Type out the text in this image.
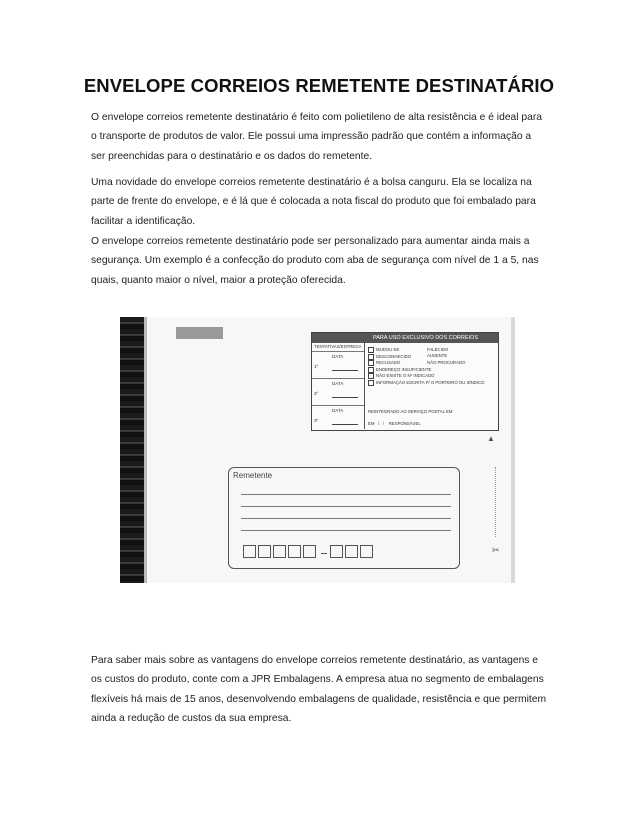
ENVELOPE CORREIOS REMETENTE DESTINATÁRIO

O envelope correios remetente destinatário é feito com polietileno de alta resistência e é ideal para o transporte de produtos de valor. Ele possui uma impressão padrão que contém a informação a ser preenchidas para o destinatário e os dados do remetente.

Uma novidade do envelope correios remetente destinatário é a bolsa canguru. Ela se localiza na parte de frente do envelope, e é lá que é colocada a nota fiscal do produto que foi embalado para facilitar a identificação.

O envelope correios remetente destinatário pode ser personalizado para aumentar ainda mais a segurança. Um exemplo é a confecção do produto com aba de segurança com nível de 1 a 5, nas quais, quanto maior o nível, maior a proteção oferecida.

PARA USO EXCLUSIVO DOS CORREIOS
TENTATIVAS/ENTREGA
DATA
1º
DATA
2º
DATA
3º
MUDOU-SE
DESCONHECIDO
RECUSADO
ENDEREÇO INSUFICIENTE
NÃO EXISTE O Nº INDICADO
INFORMAÇÃO ESCRITA P/ O PORTEIRO OU SÍNDICO
FALECIDO
AUSENTE
NÃO PROCURADO
REINTEGRADO AO SERVIÇO POSTAL EM
EM   /   /    RESPONSÁVEL
▲
✂
Remetente

Para saber mais sobre as vantagens do envelope correios remetente destinatário, as vantagens e os custos do produto, conte com a JPR Embalagens. A empresa atua no segmento de embalagens flexíveis há mais de 15 anos, desenvolvendo embalagens de qualidade, resistência e que permitem ainda a redução de custos da sua empresa.
